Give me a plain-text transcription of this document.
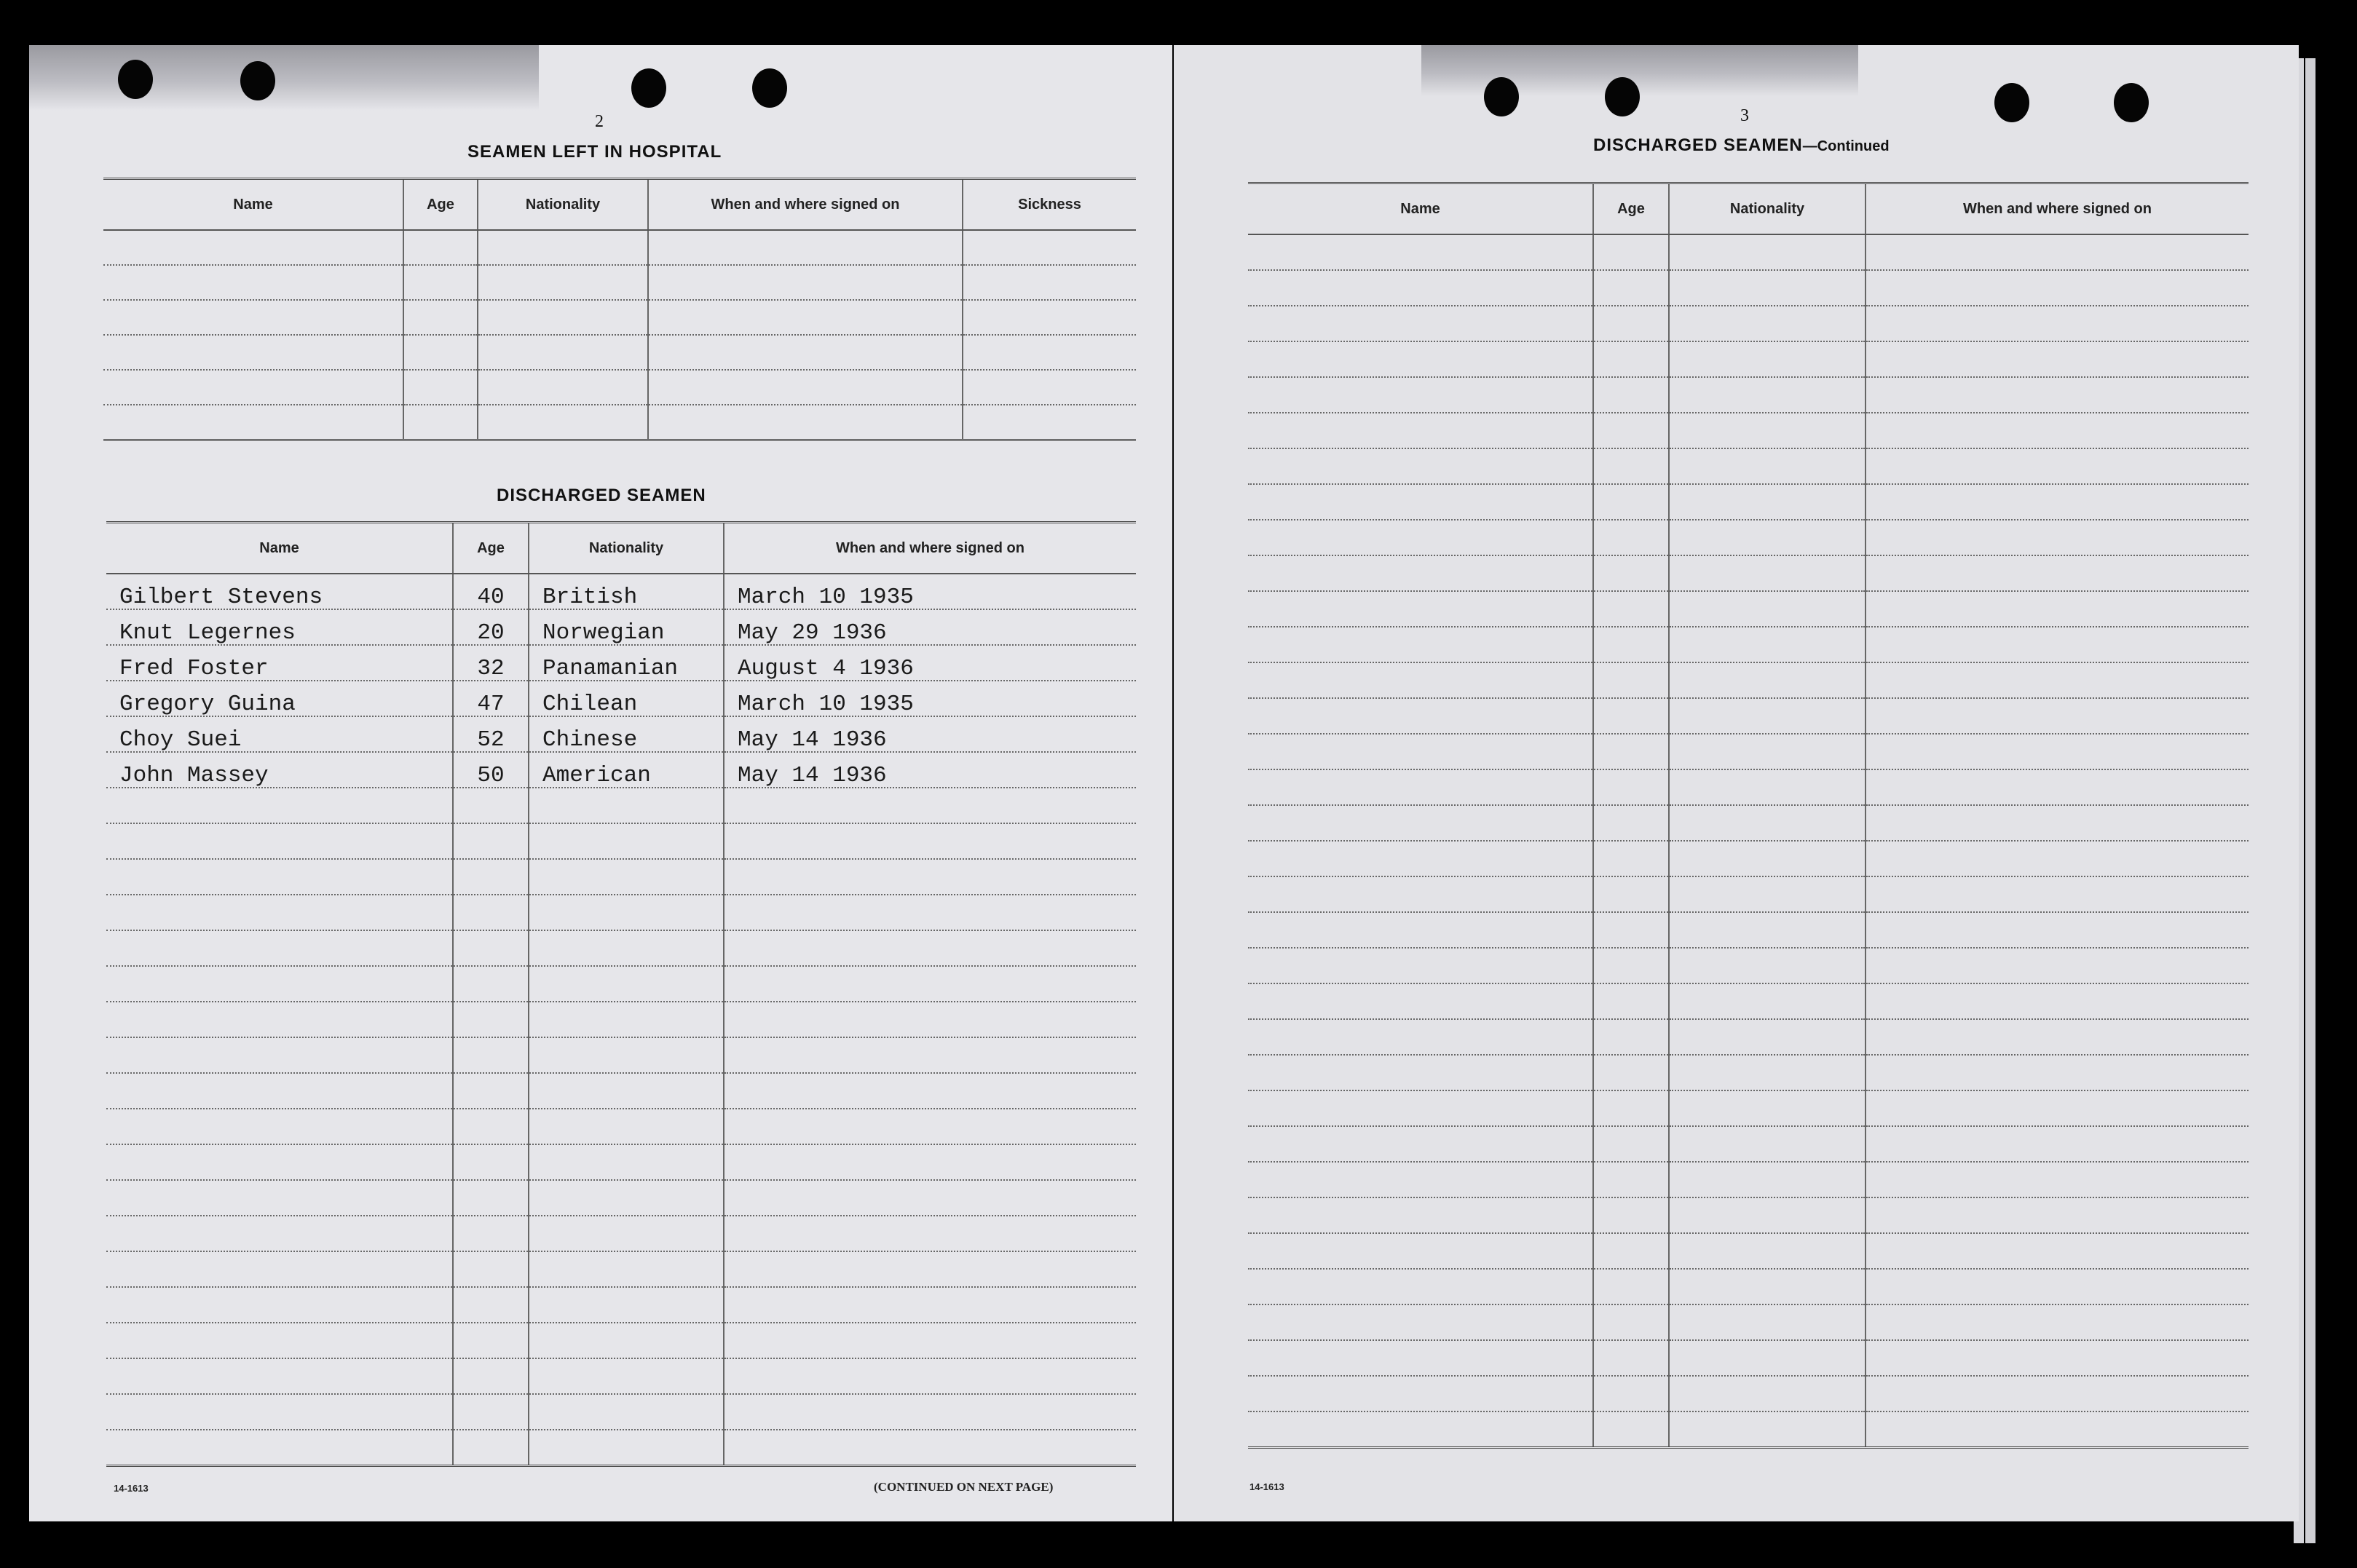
2
SEAMEN LEFT IN HOSPITAL
Name	Age	Nationality	When and where signed on	Sickness

DISCHARGED SEAMEN
Name	Age	Nationality	When and where signed on
Gilbert Stevens	40	British	March 10 1935
Knut Legernes	20	Norwegian	May 29 1936
Fred Foster	32	Panamanian	August 4 1936
Gregory Guina	47	Chilean	March 10 1935
Choy Suei	52	Chinese	May 14 1936
John Massey	50	American	May 14 1936

14-1613	(CONTINUED ON NEXT PAGE)
3
DISCHARGED SEAMEN—Continued
Name	Age	Nationality	When and where signed on

14-1613
